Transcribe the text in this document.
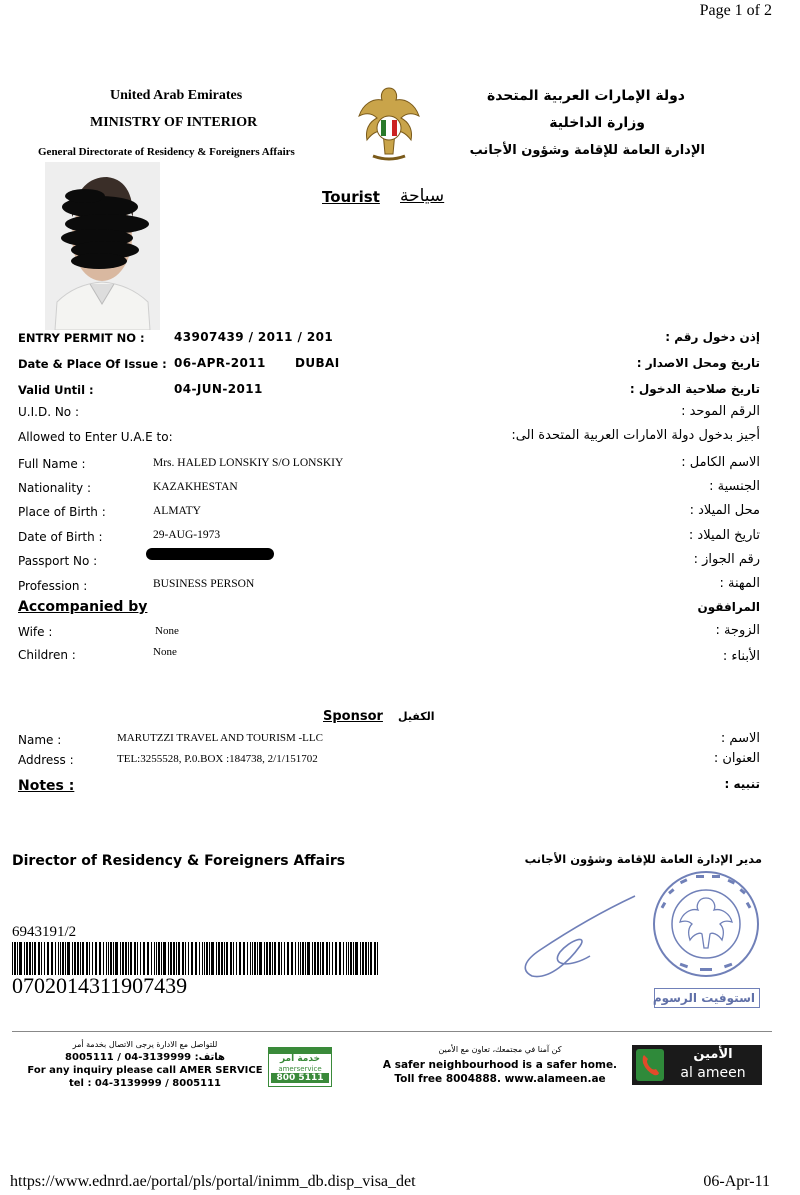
Page 1 of 2
United Arab Emirates
MINISTRY OF INTERIOR
General Directorate of Residency & Foreigners Affairs
دولة الإمارات العربية المتحدة
وزارة الداخلية
الإدارة العامة للإقامة وشؤون الأجانب
Tourist سياحة
ENTRY PERMIT NO : 43907439 / 2011 / 201	إذن دخول رقم :
Date & Place Of Issue : 06-APR-2011 DUBAI	تاريخ ومحل الاصدار :
Valid Until :	04-JUN-2011	تاريخ صلاحية الدخول :
U.I.D. No :	الرقم الموحد :
Allowed to Enter U.A.E to:	أجيز بدخول دولة الامارات العربية المتحدة الى:
Full Name :	Mrs. HALED LONSKIY S/O LONSKIY	الاسم الكامل :
Nationality :	KAZAKHESTAN	الجنسية :
Place of Birth :	ALMATY	محل الميلاد :
Date of Birth :	29-AUG-1973	تاريخ الميلاد :
Passport No :	رقم الجواز :
Profession :	BUSINESS PERSON	المهنة :
Accompanied by	المرافقون
Wife :	None	الزوجة :
Children :	None	الأبناء :
Sponsor الكفيل
Name :	MARUTZZI TRAVEL AND TOURISM -LLC	الاسم :
Address :	TEL:3255528, P.0.BOX :184738, 2/1/151702	العنوان :
Notes :	تنبيه :
Director of Residency & Foreigners Affairs	مدير الإدارة العامة للإقامة وشؤون الأجانب
6943191/2
0702014311907439	استوفيت الرسوم
للتواصل مع الادارة يرجى الاتصال بخدمة أمر
8005111 / 04-3139999 :هاتف
For any inquiry please call AMER SERVICE
tel : 04-3139999 / 8005111
خدمة أمر
amerservice
800 5111
كن آمنا في مجتمعك، تعاون مع الأمين
A safer neighbourhood is a safer home.
Toll free 8004888. www.alameen.ae
الأمين
al ameen
https://www.ednrd.ae/portal/pls/portal/inimm_db.disp_visa_det	06-Apr-11
